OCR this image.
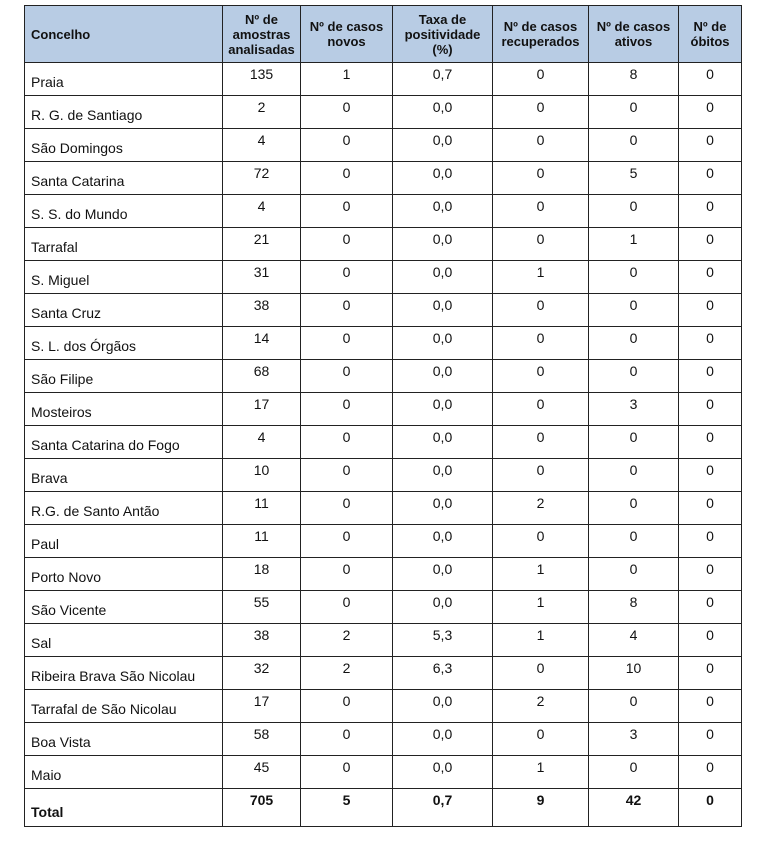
Concelho	Nº de
amostras
analisadas	Nº de casos
novos	Taxa de
positividade
(%)	Nº de casos
recuperados	Nº de casos
ativos	Nº de
óbitos

Praia	135	1	0,7	0	8	0
R. G. de Santiago	2	0	0,0	0	0	0
São Domingos	4	0	0,0	0	0	0
Santa Catarina	72	0	0,0	0	5	0
S. S. do Mundo	4	0	0,0	0	0	0
Tarrafal	21	0	0,0	0	1	0
S. Miguel	31	0	0,0	1	0	0
Santa Cruz	38	0	0,0	0	0	0
S. L. dos Órgãos	14	0	0,0	0	0	0
São Filipe	68	0	0,0	0	0	0
Mosteiros	17	0	0,0	0	3	0
Santa Catarina do Fogo	4	0	0,0	0	0	0
Brava	10	0	0,0	0	0	0
R.G. de Santo Antão	11	0	0,0	2	0	0
Paul	11	0	0,0	0	0	0
Porto Novo	18	0	0,0	1	0	0
São Vicente	55	0	0,0	1	8	0
Sal	38	2	5,3	1	4	0
Ribeira Brava São Nicolau	32	2	6,3	0	10	0
Tarrafal de São Nicolau	17	0	0,0	2	0	0
Boa Vista	58	0	0,0	0	3	0
Maio	45	0	0,0	1	0	0
Total	705	5	0,7	9	42	0
